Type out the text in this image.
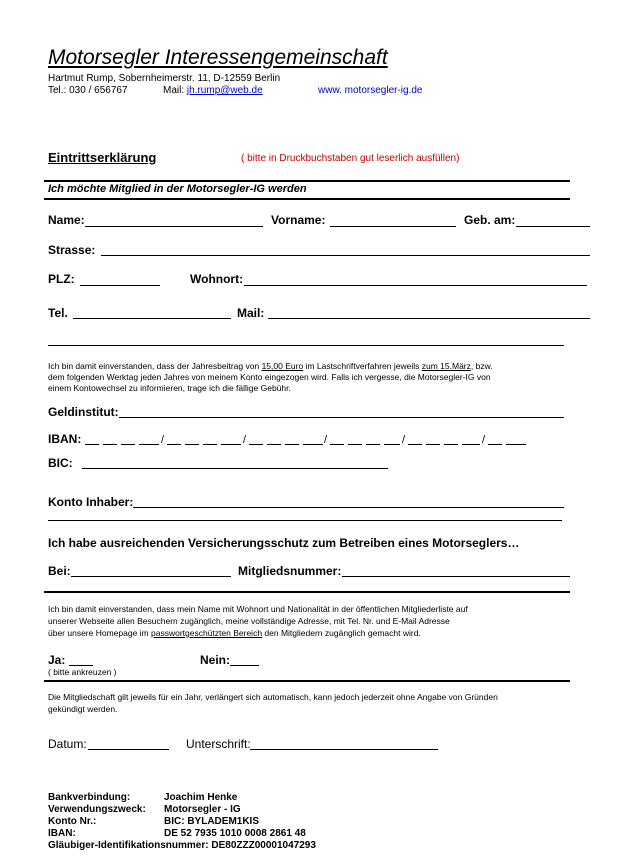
Motorsegler Interessengemeinschaft
Hartmut Rump, Sobernheimerstr. 11, D-12559 Berlin
Tel.: 030 / 656767	Mail: jh.rump@web.de	www. motorsegler-ig.de
Eintrittserklärung	( bitte in Druckbuchstaben gut leserlich ausfüllen)
Ich möchte Mitglied in der Motorsegler-IG werden
Name:	Vorname:	Geb. am:
Strasse:
PLZ:	Wohnort:
Tel.	Mail:
Ich bin damit einverstanden, dass der Jahresbeitrag von 15,00 Euro im Lastschriftverfahren jeweils zum 15.März, bzw.
dem folgenden Werktag jeden Jahres von meinem Konto eingezogen wird. Falls ich vergesse, die Motorsegler-IG von
einem Kontowechsel zu informieren, trage ich die fällige Gebühr.
Geldinstitut:
IBAN:	/	/	/	/	/
BIC:
Konto Inhaber:
Ich habe ausreichenden Versicherungsschutz zum Betreiben eines Motorseglers…
Bei:	Mitgliedsnummer:
Ich bin damit einverstanden, dass mein Name mit Wohnort und Nationalität in der öffentlichen Mitgliederliste auf
unserer Webseite allen Besuchern zugänglich, meine vollständige Adresse, mit Tel. Nr. und E-Mail Adresse
über unsere Homepage im passwortgeschützten Bereich den Mitgliedern zugänglich gemacht wird.
Ja:	Nein:
( bitte ankreuzen )
Die Mitgliedschaft gilt jeweils für ein Jahr, verlängert sich automatisch, kann jedoch jederzeit ohne Angabe von Gründen
gekündigt werden.
Datum:	Unterschrift:
Bankverbindung:	Joachim Henke
Verwendungszweck: Motorsegler - IG
Konto Nr.:	BIC: BYLADEM1KIS
IBAN:	DE 52 7935 1010 0008 2861 48
Gläubiger-Identifikationsnummer: DE80ZZZ00001047293
